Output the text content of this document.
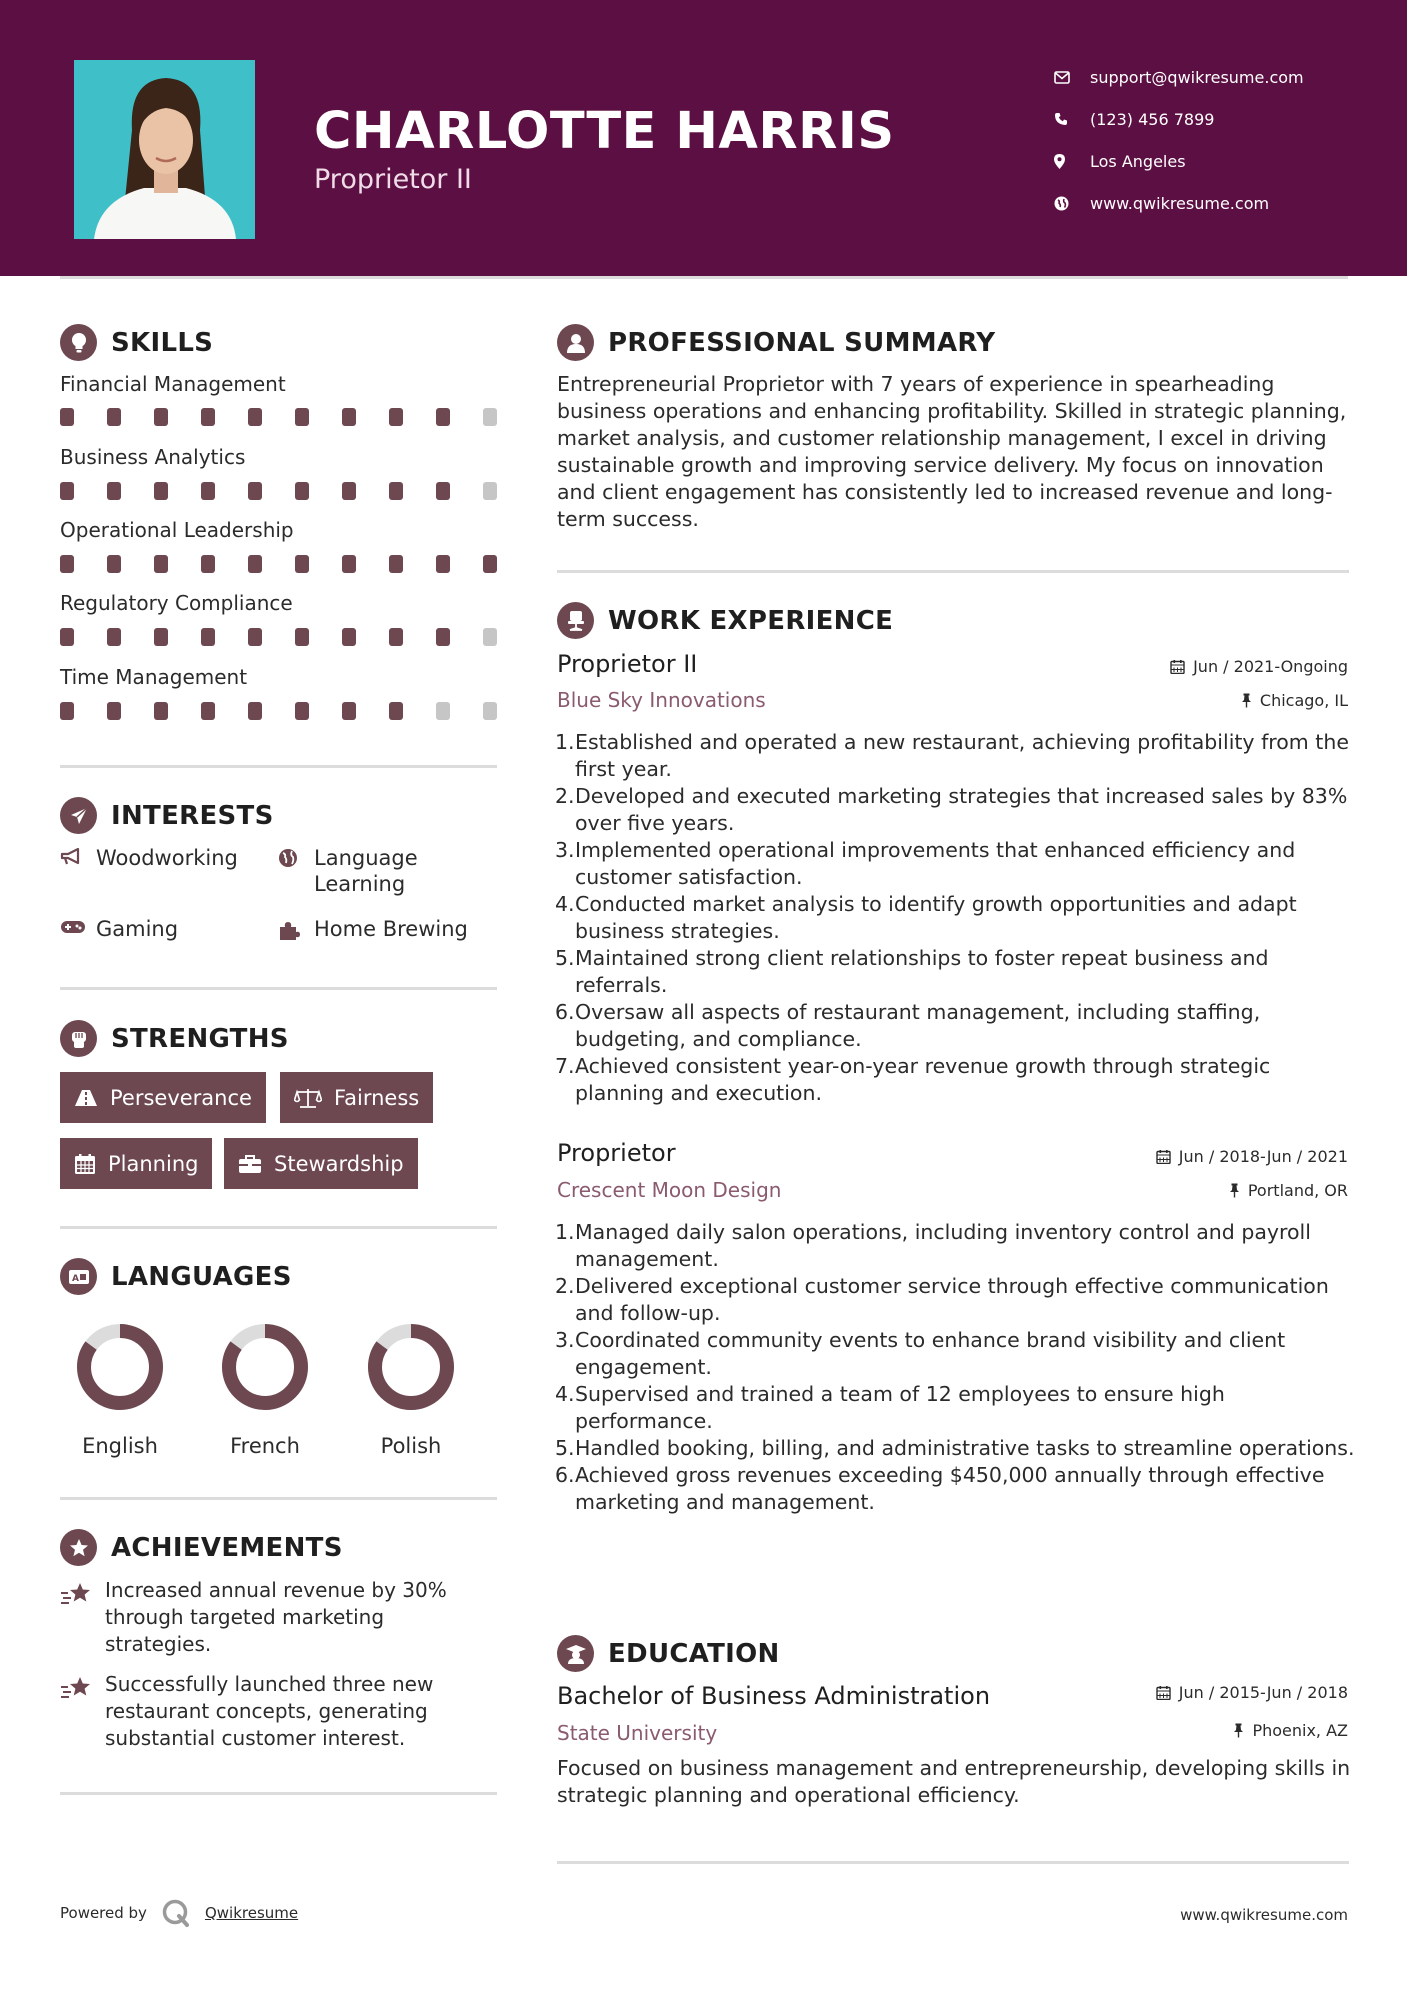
CHARLOTTE HARRIS
Proprietor II
support@qwikresume.com
(123) 456 7899
Los Angeles
www.qwikresume.com
SKILLS
Financial Management
Business Analytics
Operational Leadership
Regulatory Compliance
Time Management
INTERESTS
Woodworking	Language Learning
Gaming	Home Brewing
STRENGTHS
Perseverance	Fairness
Planning	Stewardship
A LANGUAGES
English	French	Polish
ACHIEVEMENTS
Increased annual revenue by 30% through targeted marketing strategies.
Successfully launched three new restaurant concepts, generating substantial customer interest.
PROFESSIONAL SUMMARY
Entrepreneurial Proprietor with 7 years of experience in spearheading business operations and enhancing profitability. Skilled in strategic planning, market analysis, and customer relationship management, I excel in driving sustainable growth and improving service delivery. My focus on innovation and client engagement has consistently led to increased revenue and long-term success.
WORK EXPERIENCE
Proprietor II	Jun / 2021-Ongoing
Blue Sky Innovations	Chicago, IL
1. Established and operated a new restaurant, achieving profitability from the first year.
2. Developed and executed marketing strategies that increased sales by 83% over five years.
3. Implemented operational improvements that enhanced efficiency and customer satisfaction.
4. Conducted market analysis to identify growth opportunities and adapt business strategies.
5. Maintained strong client relationships to foster repeat business and referrals.
6. Oversaw all aspects of restaurant management, including staffing, budgeting, and compliance.
7. Achieved consistent year-on-year revenue growth through strategic planning and execution.
Proprietor	Jun / 2018-Jun / 2021
Crescent Moon Design	Portland, OR
1. Managed daily salon operations, including inventory control and payroll management.
2. Delivered exceptional customer service through effective communication and follow-up.
3. Coordinated community events to enhance brand visibility and client engagement.
4. Supervised and trained a team of 12 employees to ensure high performance.
5. Handled booking, billing, and administrative tasks to streamline operations.
6. Achieved gross revenues exceeding $450,000 annually through effective marketing and management.
EDUCATION
Bachelor of Business Administration	Jun / 2015-Jun / 2018
State University	Phoenix, AZ
Focused on business management and entrepreneurship, developing skills in strategic planning and operational efficiency.
Powered by	Qwikresume	www.qwikresume.com
